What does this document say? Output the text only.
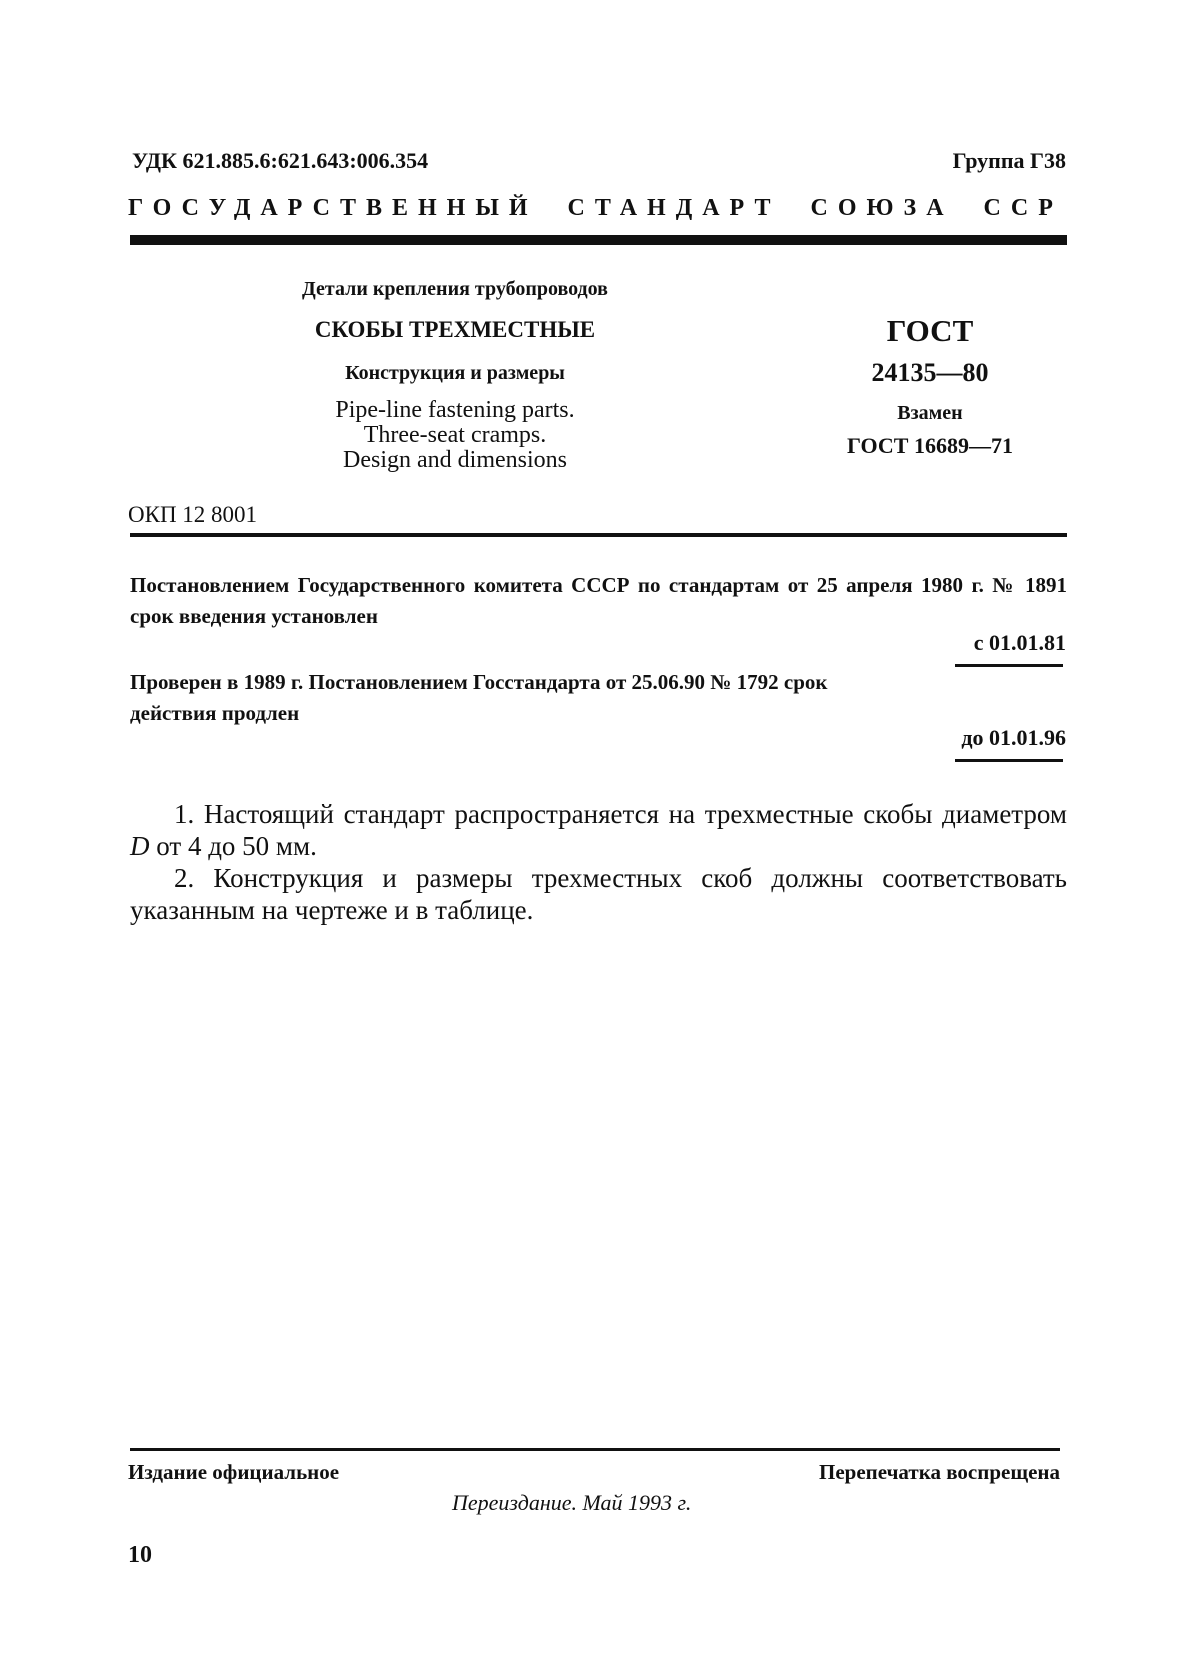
УДК 621.885.6:621.643:006.354	Группа Г38
ГОСУДАРСТВЕННЫЙ СТАНДАРТ СОЮЗА ССР
Детали крепления трубопроводов
СКОБЫ ТРЕХМЕСТНЫЕ
Конструкция и размеры
Pipe-line fastening parts.
Three-seat cramps.
Design and dimensions
ГОСТ
24135—80
Взамен
ГОСТ 16689—71
ОКП 12 8001
Постановлением Государственного комитета СССР по стандартам от 25 апреля 1980 г. № 1891 срок введения установлен
с 01.01.81
Проверен в 1989 г. Постановлением Госстандарта от 25.06.90 № 1792 срок действия продлен
до 01.01.96
1. Настоящий стандарт распространяется на трехместные скобы диаметром D от 4 до 50 мм.
2. Конструкция и размеры трехместных скоб должны соответствовать указанным на чертеже и в таблице.
Издание официальное	Перепечатка воспрещена
Переиздание. Май 1993 г.
10
